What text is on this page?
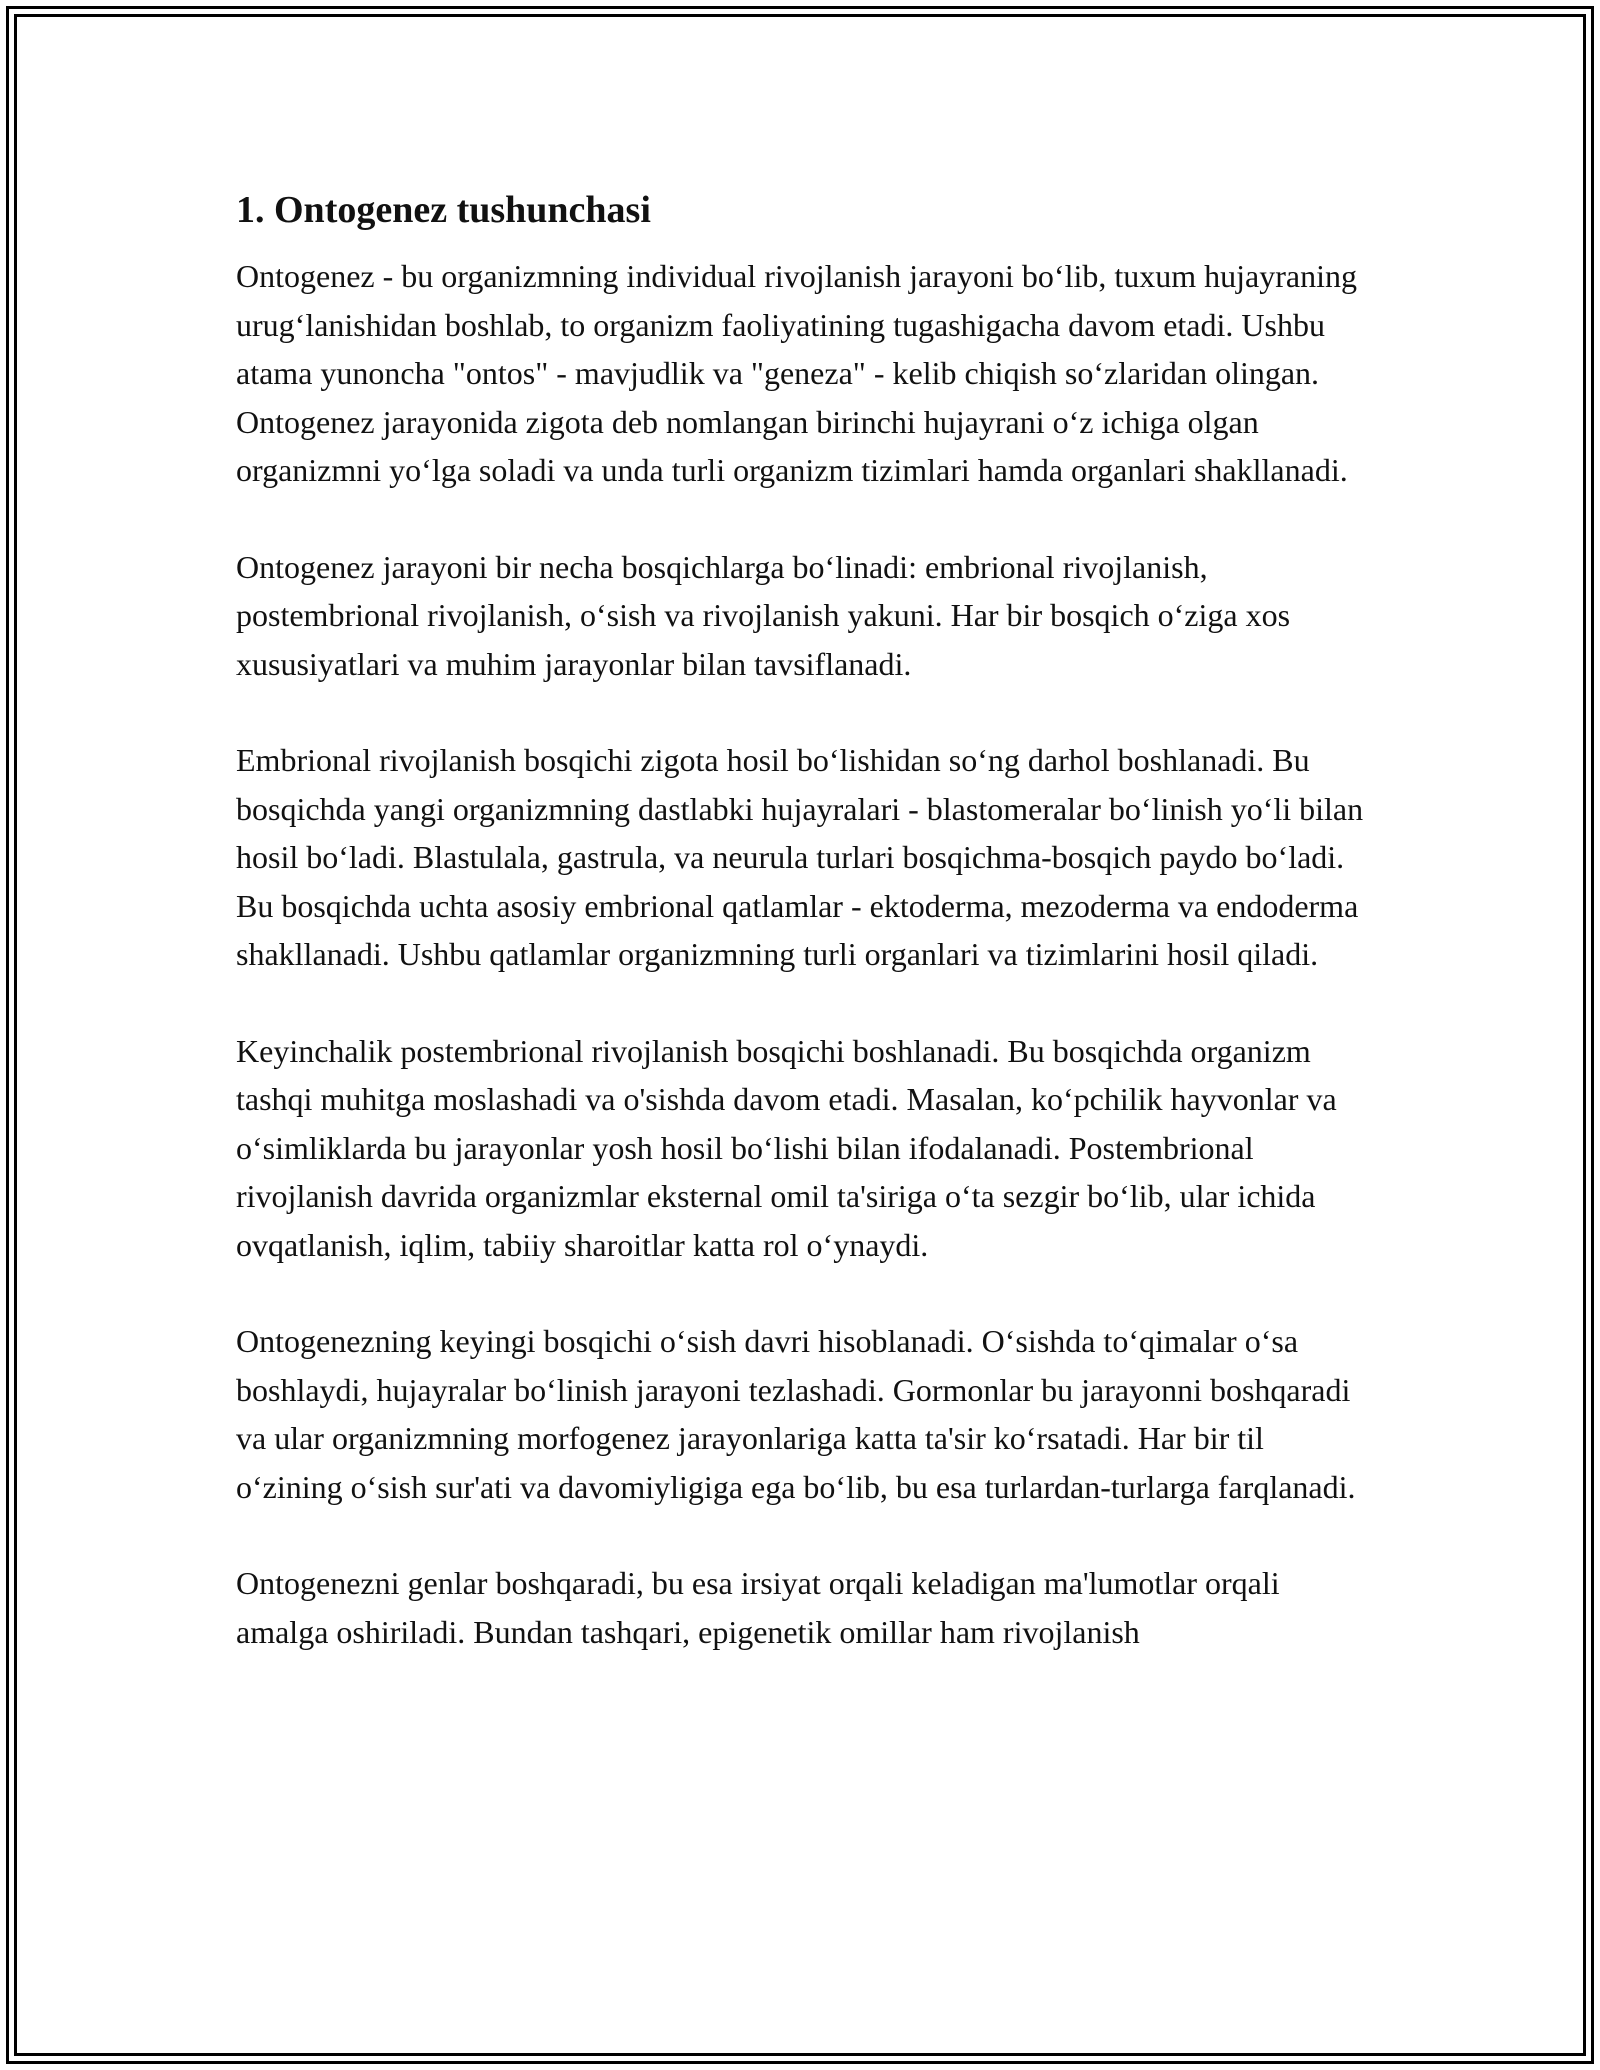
1. Ontogenez tushunchasi

Ontogenez - bu organizmning individual rivojlanish jarayoni bo‘lib, tuxum hujayraning urug‘lanishidan boshlab, to organizm faoliyatining tugashigacha davom etadi. Ushbu atama yunoncha "ontos" - mavjudlik va "geneza" - kelib chiqish so‘zlaridan olingan. Ontogenez jarayonida zigota deb nomlangan birinchi hujayrani o‘z ichiga olgan organizmni yo‘lga soladi va unda turli organizm tizimlari hamda organlari shakllanadi.

Ontogenez jarayoni bir necha bosqichlarga bo‘linadi: embrional rivojlanish, postembrional rivojlanish, o‘sish va rivojlanish yakuni. Har bir bosqich o‘ziga xos xususiyatlari va muhim jarayonlar bilan tavsiflanadi.

Embrional rivojlanish bosqichi zigota hosil bo‘lishidan so‘ng darhol boshlanadi. Bu bosqichda yangi organizmning dastlabki hujayralari - blastomeralar bo‘linish yo‘li bilan hosil bo‘ladi. Blastulala, gastrula, va neurula turlari bosqichma-bosqich paydo bo‘ladi. Bu bosqichda uchta asosiy embrional qatlamlar - ektoderma, mezoderma va endoderma shakllanadi. Ushbu qatlamlar organizmning turli organlari va tizimlarini hosil qiladi.

Keyinchalik postembrional rivojlanish bosqichi boshlanadi. Bu bosqichda organizm tashqi muhitga moslashadi va o'sishda davom etadi. Masalan, ko‘pchilik hayvonlar va o‘simliklarda bu jarayonlar yosh hosil bo‘lishi bilan ifodalanadi. Postembrional rivojlanish davrida organizmlar eksternal omil ta'siriga o‘ta sezgir bo‘lib, ular ichida ovqatlanish, iqlim, tabiiy sharoitlar katta rol o‘ynaydi.

Ontogenezning keyingi bosqichi o‘sish davri hisoblanadi. O‘sishda to‘qimalar o‘sa boshlaydi, hujayralar bo‘linish jarayoni tezlashadi. Gormonlar bu jarayonni boshqaradi va ular organizmning morfogenez jarayonlariga katta ta'sir ko‘rsatadi. Har bir til o‘zining o‘sish sur'ati va davomiyligiga ega bo‘lib, bu esa turlardan-turlarga farqlanadi.

Ontogenezni genlar boshqaradi, bu esa irsiyat orqali keladigan ma'lumotlar orqali amalga oshiriladi. Bundan tashqari, epigenetik omillar ham rivojlanish
